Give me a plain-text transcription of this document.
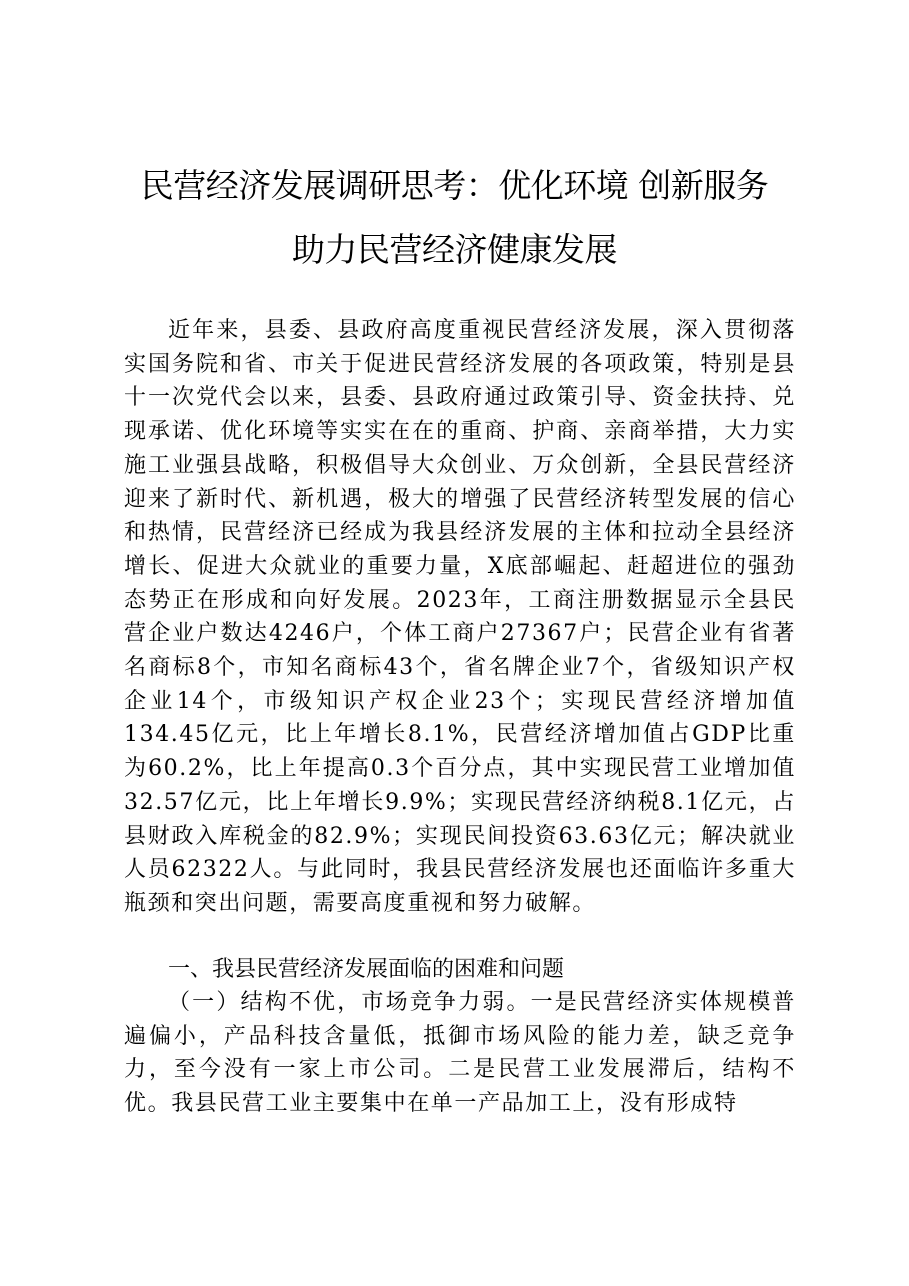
民营经济发展调研思考：优化环境 创新服务
助力民营经济健康发展

近年来，县委、县政府高度重视民营经济发展，深入贯彻落实国务院和省、市关于促进民营经济发展的各项政策，特别是县十一次党代会以来，县委、县政府通过政策引导、资金扶持、兑现承诺、优化环境等实实在在的重商、护商、亲商举措，大力实施工业强县战略，积极倡导大众创业、万众创新，全县民营经济迎来了新时代、新机遇，极大的增强了民营经济转型发展的信心和热情，民营经济已经成为我县经济发展的主体和拉动全县经济增长、促进大众就业的重要力量，X底部崛起、赶超进位的强劲态势正在形成和向好发展。2023年，工商注册数据显示全县民营企业户数达4246户，个体工商户27367户；民营企业有省著名商标8个，市知名商标43个，省名牌企业7个，省级知识产权企业14个，市级知识产权企业23个；实现民营经济增加值134.45亿元，比上年增长8.1%，民营经济增加值占GDP比重为60.2%，比上年提高0.3个百分点，其中实现民营工业增加值32.57亿元，比上年增长9.9%；实现民营经济纳税8.1亿元，占县财政入库税金的82.9%；实现民间投资63.63亿元；解决就业人员62322人。与此同时，我县民营经济发展也还面临许多重大瓶颈和突出问题，需要高度重视和努力破解。

一、我县民营经济发展面临的困难和问题

（一）结构不优，市场竞争力弱。一是民营经济实体规模普遍偏小，产品科技含量低，抵御市场风险的能力差，缺乏竞争力，至今没有一家上市公司。二是民营工业发展滞后，结构不优。我县民营工业主要集中在单一产品加工上，没有形成特
